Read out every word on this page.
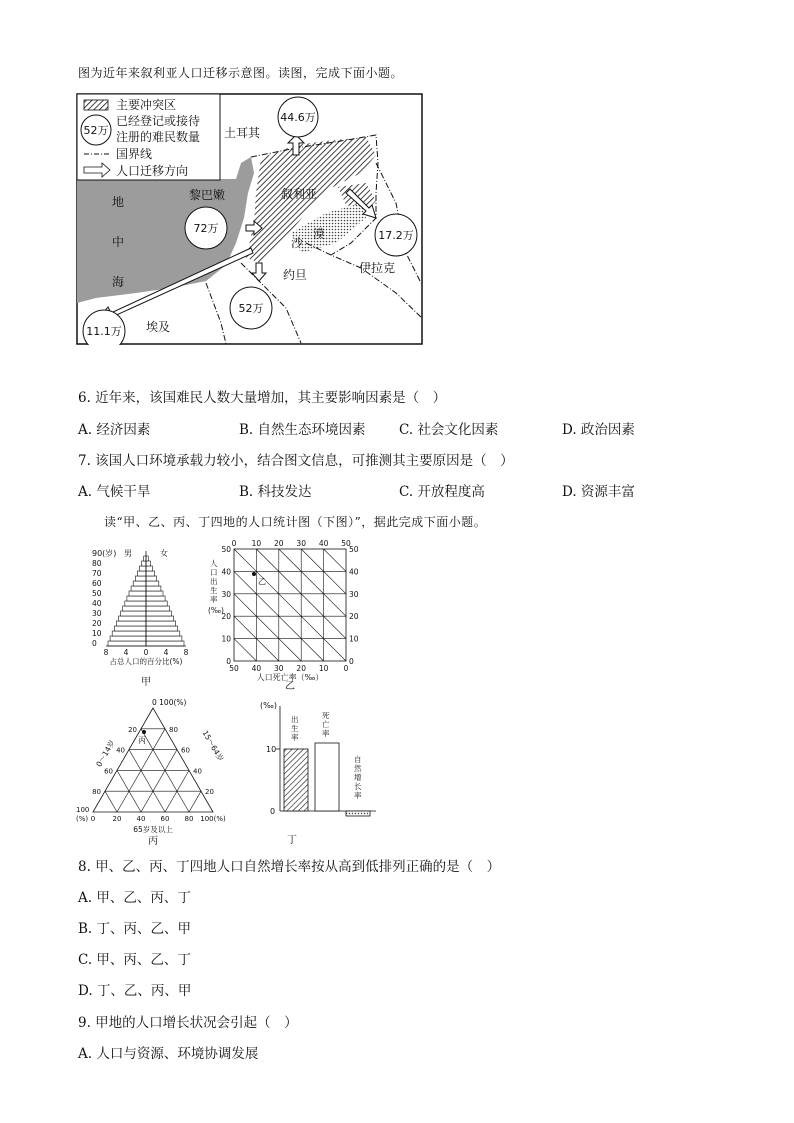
图为近年来叙利亚人口迁移示意图。读图，完成下面小题。
主要冲突区
52万
已经登记或接待
注册的难民数量
国界线
人口迁移方向
44.6万
72万
17.2万
52万
11.1万
土耳其
叙利亚
黎巴嫩
地
中
海
沙
漠
约旦	伊拉克
埃及
6. 近年来，该国难民人数大量增加，其主要影响因素是（　）
A. 经济因素	B. 自然生态环境因素 C. 社会文化因素	D. 政治因素
7. 该国人口环境承载力较小，结合图文信息，可推测其主要原因是（　）
A. 气候干旱	B. 科技发达	C. 开放程度高	D. 资源丰富
读“甲、乙、丙、丁四地的人口统计图（下图）”，据此完成下面小题。
90(岁) 男	女
80
70
60
50
40
30
20
10
0
8 4 0 4 8
占总人口的百分比(%)
甲
0 10 20 30 40 50
50
40
30
20
10
0
50
40
30
20
10
0
50 40 30 20 10 0
人口出生率(‰)
人口死亡率（‰）
乙
乙
0 100(%)
0 20 40 60 80 100(%)
20
40
60
80
80
60
40
20
100
(%)
0～14岁	15～64岁
65岁及以上
丙
丙
(‰)
10
0
出生率
死亡率
自然增长率
丁
8. 甲、乙、丙、丁四地人口自然增长率按从高到低排列正确的是（　）
A. 甲、乙、丙、丁
B. 丁、丙、乙、甲
C. 甲、丙、乙、丁
D. 丁、乙、丙、甲
9. 甲地的人口增长状况会引起（　）
A. 人口与资源、环境协调发展
